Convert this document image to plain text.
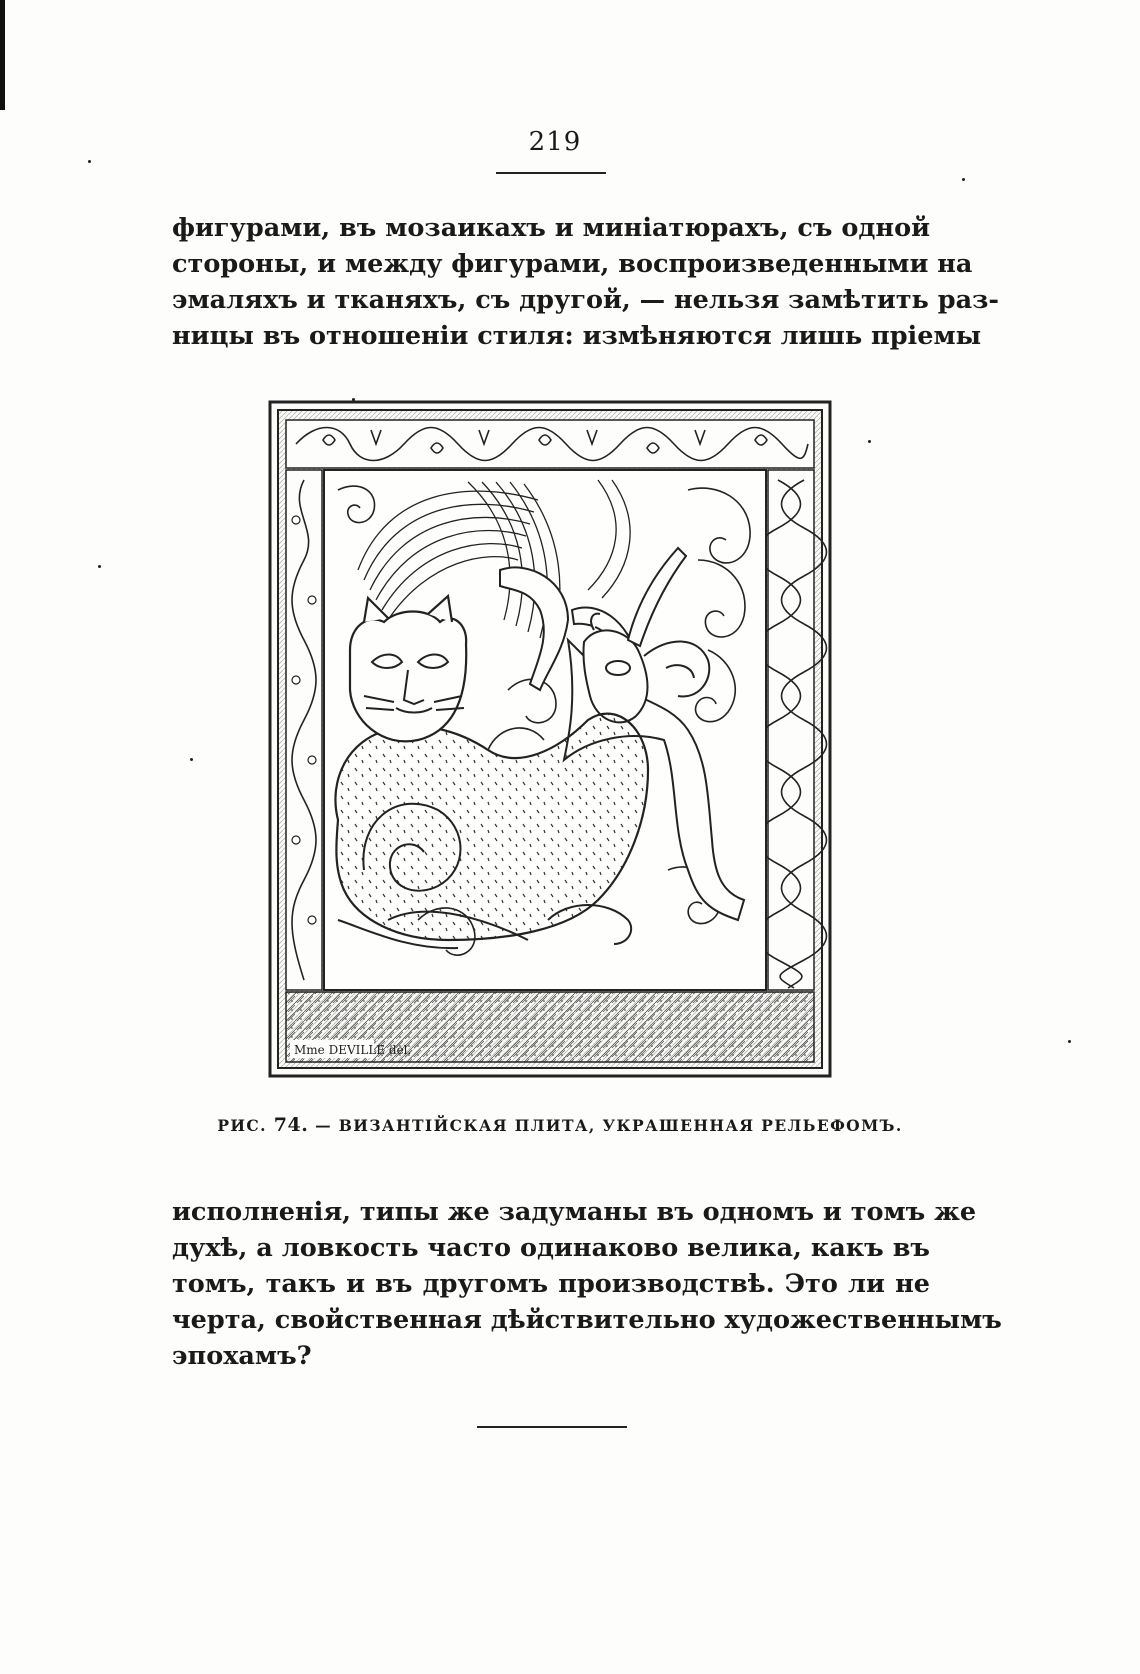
219
фигурами, въ мозаикахъ и миніатюрахъ, съ одной
стороны, и между фигурами, воспроизведенными на
эмаляхъ и тканяхъ, съ другой, — нельзя замѣтить раз-
ницы въ отношеніи стиля: измѣняются лишь пріемы
Mme DEVILLE del.
РИС. 74. — ВИЗАНТІЙСКАЯ ПЛИТА, УКРАШЕННАЯ РЕЛЬЕФОМЪ.
исполненія, типы же задуманы въ одномъ и томъ же
духѣ, а ловкость часто одинаково велика, какъ въ
томъ, такъ и въ другомъ производствѣ. Это ли не
черта, свойственная дѣйствительно художественнымъ
эпохамъ?
